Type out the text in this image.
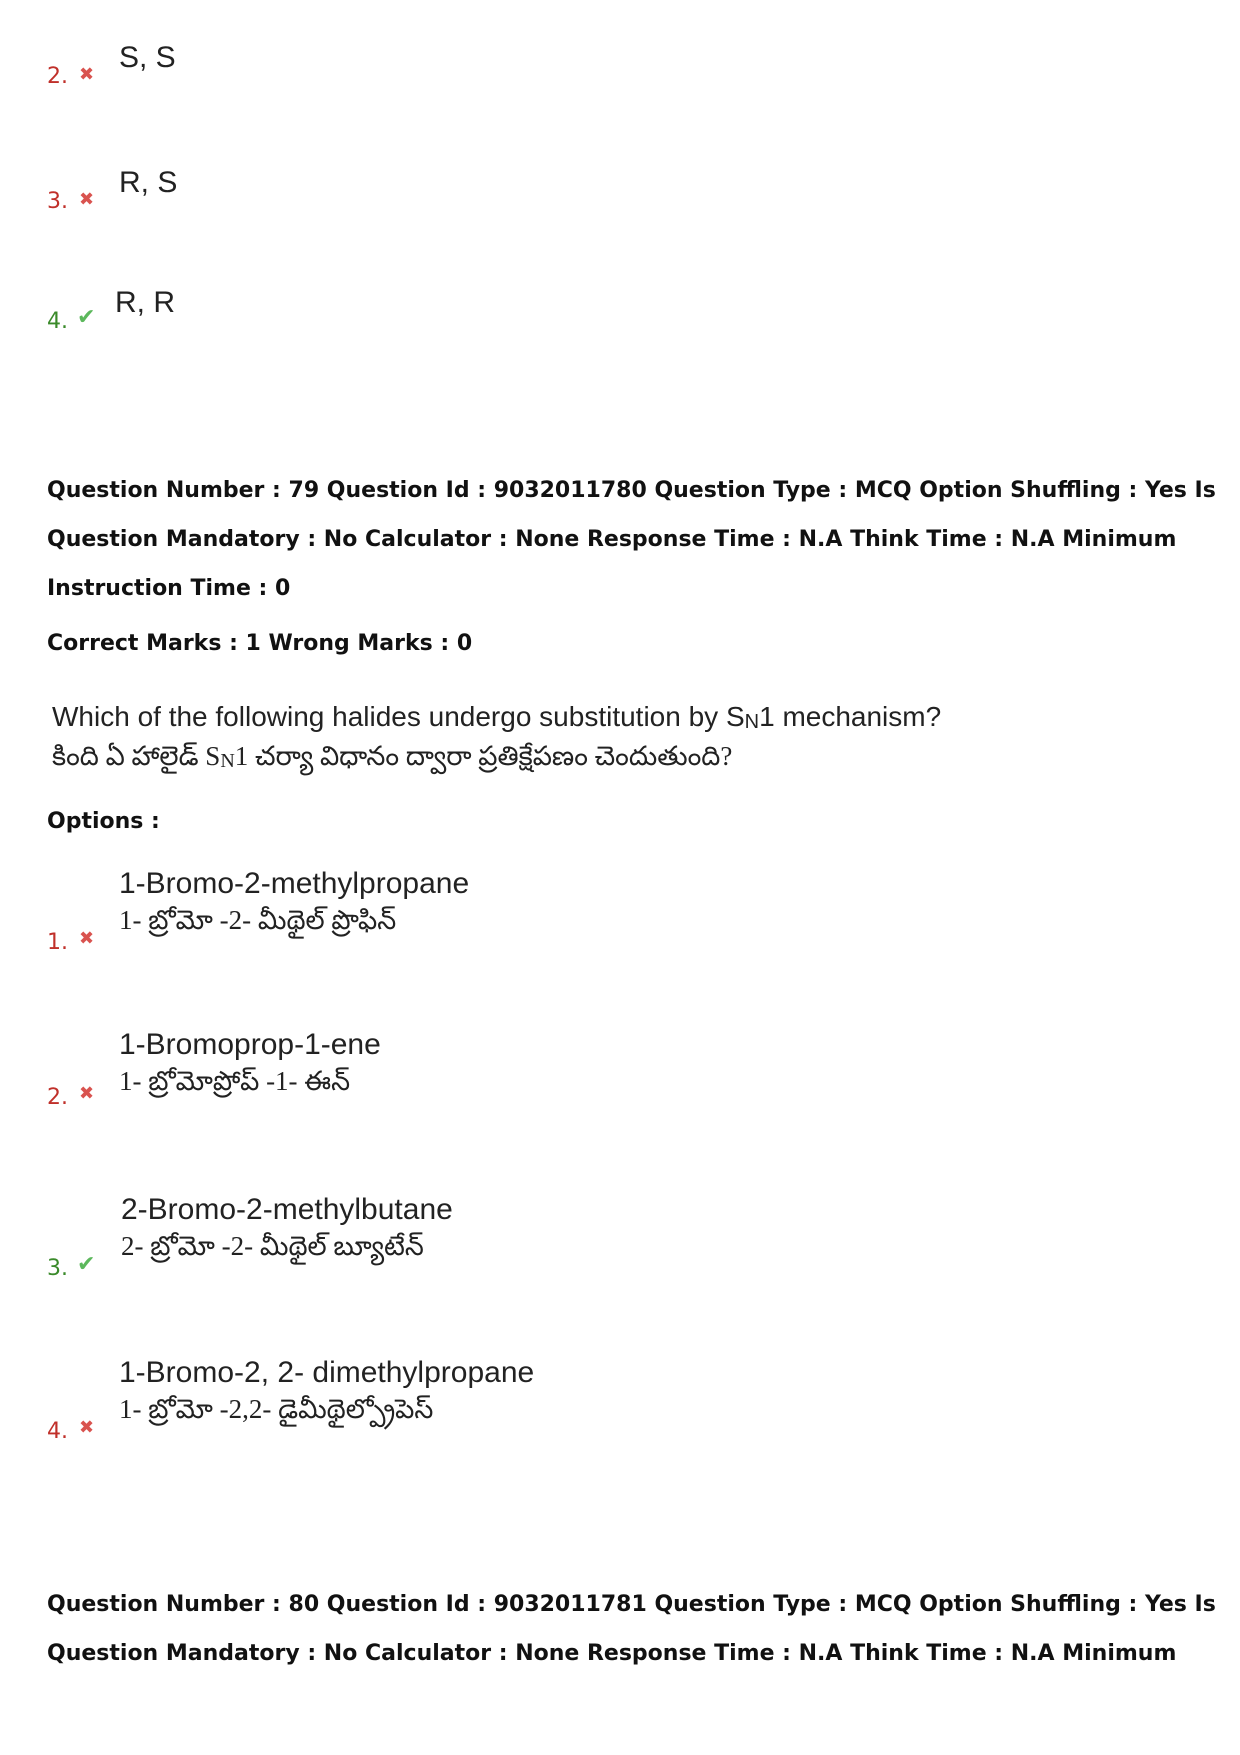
2. ✖
S, S
3. ✖
R, S
4. ✔ R, R
Question Number : 79 Question Id : 9032011780 Question Type : MCQ Option Shuffling : Yes Is
Question Mandatory : No Calculator : None Response Time : N.A Think Time : N.A Minimum
Instruction Time : 0
Correct Marks : 1 Wrong Marks : 0
Which of the following halides undergo substitution by SN1 mechanism?
కింది ఏ హాలైడ్ SN1 చర్యా విధానం ద్వారా ప్రతిక్షేపణం చెందుతుంది?
Options :
1. ✖
1-Bromo-2-methylpropane
1- బ్రోమో -2- మీథైల్ ప్రొఫిన్
2. ✖
1-Bromoprop-1-ene
1- బ్రోమోప్రోప్ -1- ఈన్
3. ✔
2-Bromo-2-methylbutane
2- బ్రోమో -2- మీథైల్ బ్యూటేన్
4. ✖
1-Bromo-2, 2- dimethylpropane
1- బ్రోమో -2,2- డైమీథైల్ప్రోపెస్
Question Number : 80 Question Id : 9032011781 Question Type : MCQ Option Shuffling : Yes Is
Question Mandatory : No Calculator : None Response Time : N.A Think Time : N.A Minimum
